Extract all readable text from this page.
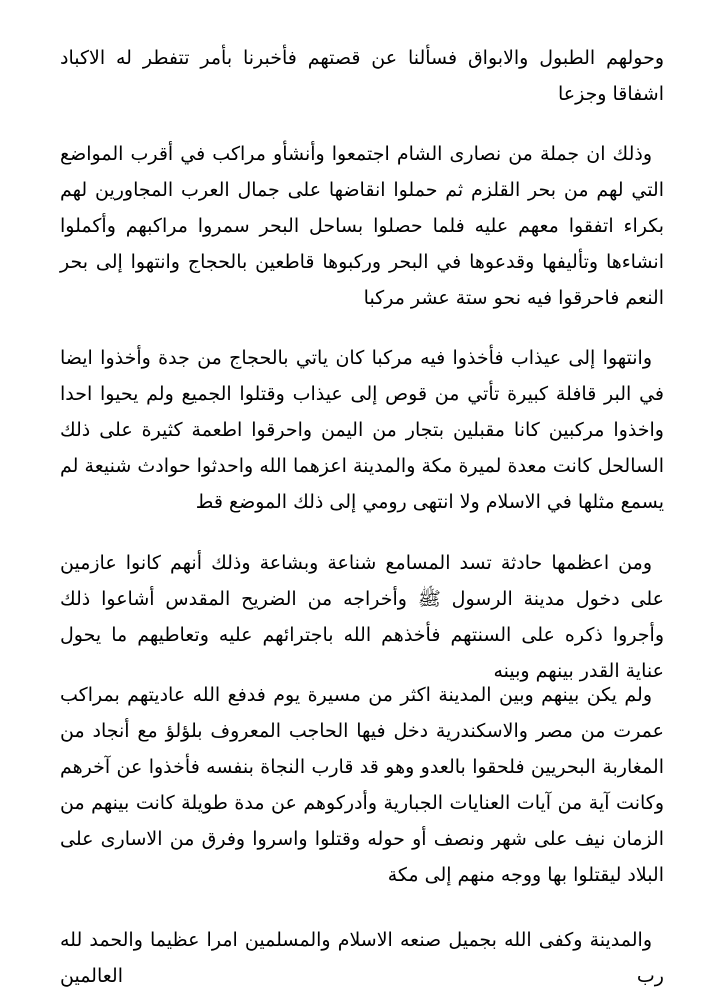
وحولهم الطبول والابواق فسألنا عن قصتهم فأخبرنا بأمر تتفطر له الاكباد اشفاقا وجزعا

وذلك ان جملة من نصارى الشام اجتمعوا وأنشأو مراكب في أقرب المواضع التي لهم من بحر القلزم ثم حملوا انقاضها على جمال العرب المجاورين لهم بكراء اتفقوا معهم عليه فلما حصلوا بساحل البحر سمروا مراكبهم وأكملوا انشاءها وتأليفها وقدعوها في البحر وركبوها قاطعين بالحجاج وانتهوا إلى بحر النعم فاحرقوا فيه نحو ستة عشر مركبا

وانتهوا إلى عيذاب فأخذوا فيه مركبا كان ياتي بالحجاج من جدة وأخذوا ايضا في البر قافلة كبيرة تأتي من قوص إلى عيذاب وقتلوا الجميع ولم يحيوا احدا واخذوا مركبين كانا مقبلين بتجار من اليمن واحرقوا اطعمة كثيرة على ذلك السالحل كانت معدة لميرة مكة والمدينة اعزهما الله واحدثوا حوادث شنيعة لم يسمع مثلها في الاسلام ولا انتهى رومي إلى ذلك الموضع قط

ومن اعظمها حادثة تسد المسامع شناعة وبشاعة وذلك أنهم كانوا عازمين على دخول مدينة الرسول ﷺ وأخراجه من الضريح المقدس أشاعوا ذلك وأجروا ذكره على السنتهم فأخذهم الله باجترائهم عليه وتعاطيهم ما يحول عناية القدر بينهم وبينه

ولم يكن بينهم وبين المدينة اكثر من مسيرة يوم فدفع الله عاديتهم بمراكب عمرت من مصر والاسكندرية دخل فيها الحاجب المعروف بلؤلؤ مع أنجاد من المغاربة البحريين فلحقوا بالعدو وهو قد قارب النجاة بنفسه فأخذوا عن آخرهم وكانت آية من آيات العنايات الجبارية وأدركوهم عن مدة طويلة كانت بينهم من الزمان نيف على شهر ونصف أو حوله وقتلوا واسروا وفرق من الاسارى على البلاد ليقتلوا بها ووجه منهم إلى مكة

والمدينة وكفى الله بجميل صنعه الاسلام والمسلمين امرا عظيما والحمد لله رب العالمين
